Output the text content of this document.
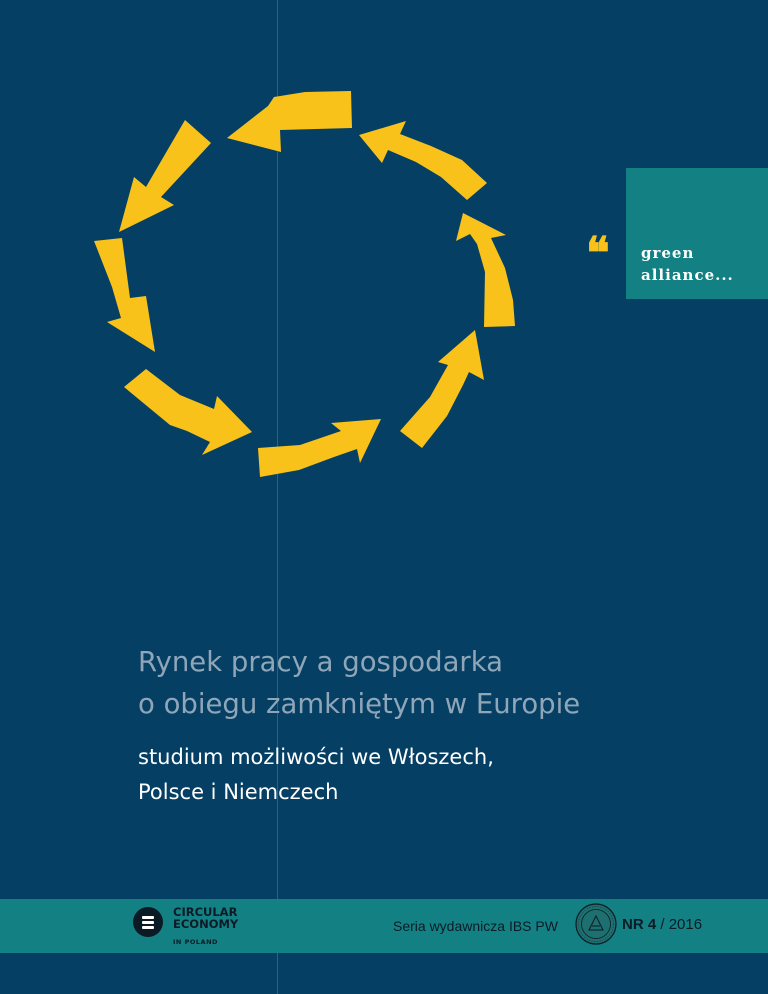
❝ green
alliance...
Rynek pracy a gospodarka
o obiegu zamkniętym w Europie
studium możliwości we Włoszech,
Polsce i Niemczech
CIRCULAR
ECONOMY
IN POLAND
Seria wydawnicza IBS PW	NR 4 / 2016
